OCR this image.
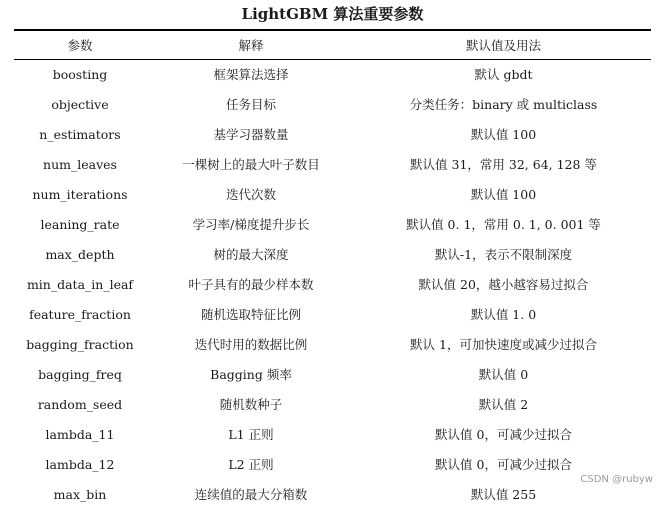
LightGBM 算法重要参数
参数	解释	默认值及用法
boosting	框架算法选择	默认 gbdt
objective	任务目标	分类任务：binary 或 multiclass
n_estimators	基学习器数量	默认值 100
num_leaves	一棵树上的最大叶子数目	默认值 31，常用 32, 64, 128 等
num_iterations	迭代次数	默认值 100
leaning_rate	学习率/梯度提升步长	默认值 0. 1，常用 0. 1, 0. 001 等
max_depth	树的最大深度	默认-1，表示不限制深度
min_data_in_leaf	叶子具有的最少样本数	默认值 20，越小越容易过拟合
feature_fraction	随机选取特征比例	默认值 1. 0
bagging_fraction	迭代时用的数据比例	默认 1，可加快速度或减少过拟合
bagging_freq	Bagging 频率	默认值 0
random_seed	随机数种子	默认值 2
lambda_11	L1 正则	默认值 0，可减少过拟合
lambda_12	L2 正则	默认值 0，可减少过拟合
max_bin	连续值的最大分箱数	默认值 255
CSDN @rubyw
